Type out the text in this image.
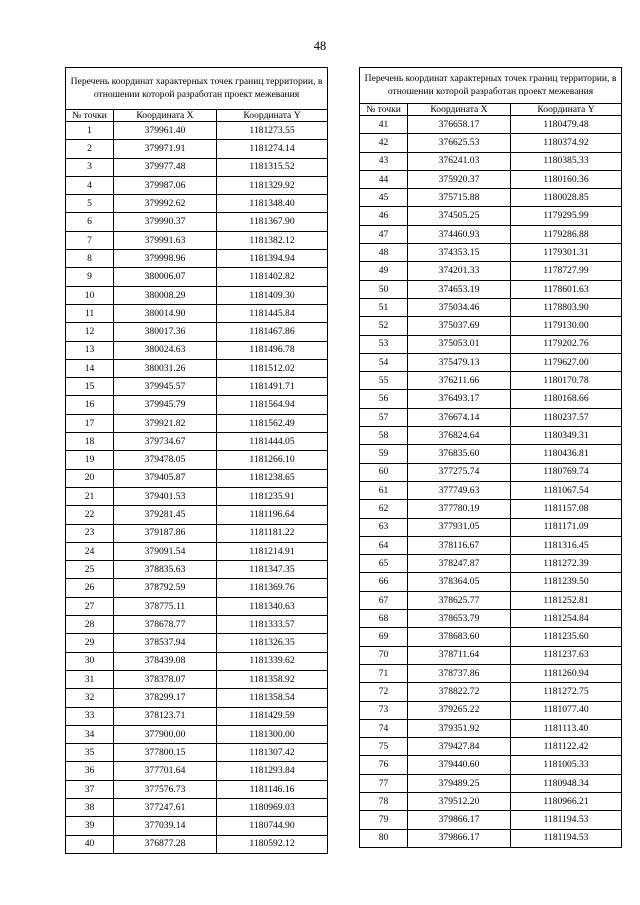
48
Перечень координат характерных точек границ территории, в отношении которой разработан проект межевания		
№ точки	Координата X	Координата Y
1	379961.40	1181273.55
2	379971.91	1181274.14
3	379977.48	1181315.52
4	379987.06	1181329.92
5	379992.62	1181348.40
6	379990.37	1181367.90
7	379991.63	1181382.12
8	379998.96	1181394.94
9	380006.07	1181402.82
10	380008.29	1181409.30
11	380014.90	1181445.84
12	380017.36	1181467.86
13	380024.63	1181496.78
14	380031.26	1181512.02
15	379945.57	1181491.71
16	379945.79	1181564.94
17	379921.82	1181562.49
18	379734.67	1181444.05
19	379478.05	1181266.10
20	379405.87	1181238.65
21	379401.53	1181235.91
22	379281.45	1181196.64
23	379187.86	1181181.22
24	379091.54	1181214.91
25	378835.63	1181347.35
26	378792.59	1181369.76
27	378775.11	1181340.63
28	378678.77	1181333.57
29	378537.94	1181326.35
30	378439.08	1181339.62
31	378378.07	1181358.92
32	378299.17	1181358.54
33	378123.71	1181429.59
34	377900.00	1181300.00
35	377800.15	1181307.42
36	377701.64	1181293.84
37	377576.73	1181146.16
38	377247.61	1180969.03
39	377039.14	1180744.90
40	376877.28	1180592.12
Перечень координат характерных точек границ территории, в отношении которой разработан проект межевания		
№ точки	Координата X	Координата Y
41	376658.17	1180479.48
42	376625.53	1180374.92
43	376241.03	1180385.33
44	375920.37	1180160.36
45	375715.88	1180028.85
46	374505.25	1179295.99
47	374460.93	1179286.88
48	374353.15	1179301.31
49	374201.33	1178727.99
50	374653.19	1178601.63
51	375034.46	1178803.90
52	375037.69	1179130.00
53	375053.01	1179202.76
54	375479.13	1179627.00
55	376211.66	1180170.78
56	376493.17	1180168.66
57	376674.14	1180237.57
58	376824.64	1180349.31
59	376835.60	1180436.81
60	377275.74	1180769.74
61	377749.63	1181067.54
62	377780.19	1181157.08
63	377931.05	1181171.09
64	378116.67	1181316.45
65	378247.87	1181272.39
66	378364.05	1181239.50
67	378625.77	1181252.81
68	378653.79	1181254.84
69	378683.60	1181235.60
70	378711.64	1181237.63
71	378737.86	1181260.94
72	378822.72	1181272.75
73	379265.22	1181077.40
74	379351.92	1181113.40
75	379427.84	1181122.42
76	379440.60	1181005.33
77	379489.25	1180948.34
78	379512.20	1180966.21
79	379866.17	1181194.53
80	379866.17	1181194.53
